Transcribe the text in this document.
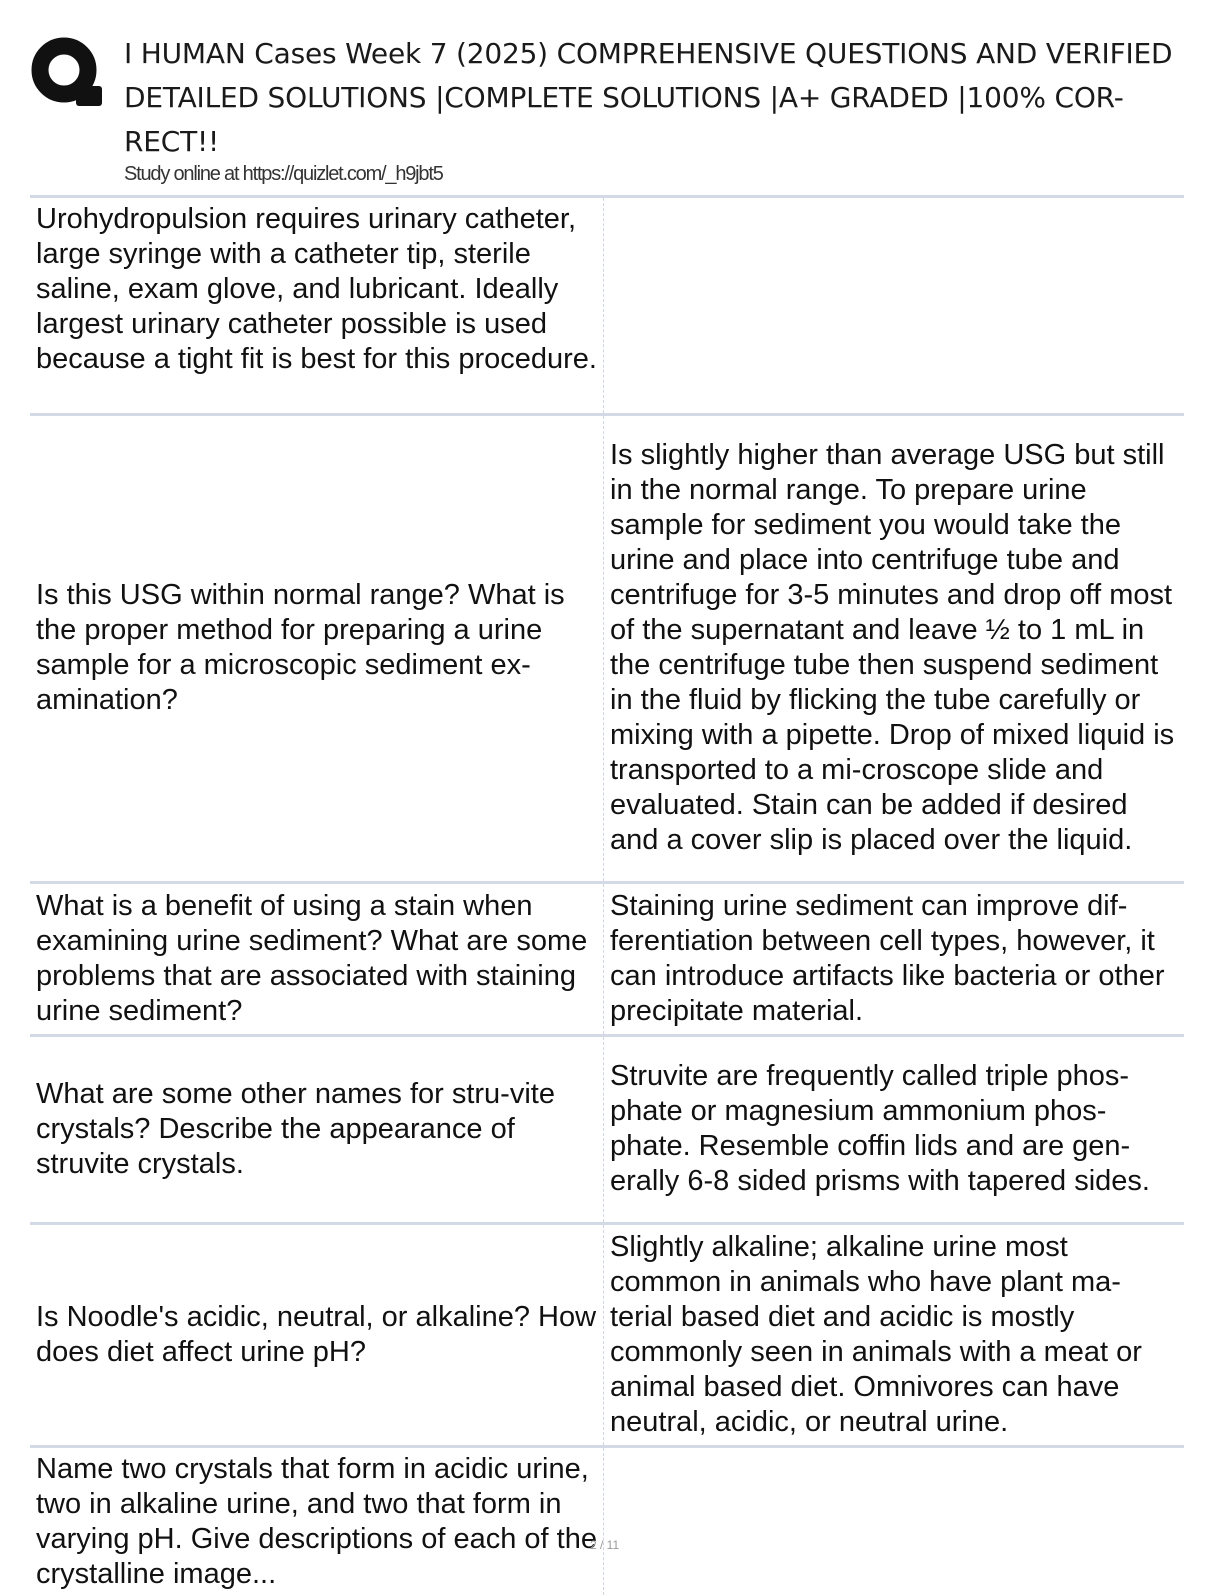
I HUMAN Cases Week 7 (2025) COMPREHENSIVE QUESTIONS AND VERIFIED
DETAILED SOLUTIONS |COMPLETE SOLUTIONS |A+ GRADED |100% COR-
RECT!!
Study online at https://quizlet.com/_h9jbt5
Urohydropulsion requires urinary catheter, large syringe with a catheter tip, sterile saline, exam glove, and lubricant. Ideally largest urinary catheter possible is used because a tight fit is best for this procedure.
Is this USG within normal range? What is the proper method for preparing a urine sample for a microscopic sediment ex-amination?
Is slightly higher than average USG but still in the normal range. To prepare urine sample for sediment you would take the urine and place into centrifuge tube and centrifuge for 3-5 minutes and drop off most of the supernatant and leave ½ to 1 mL in the centrifuge tube then suspend sediment in the fluid by flicking the tube carefully or mixing with a pipette. Drop of mixed liquid is transported to a mi-croscope slide and evaluated. Stain can be added if desired and a cover slip is placed over the liquid.
What is a benefit of using a stain when examining urine sediment? What are some problems that are associated with staining urine sediment?
Staining urine sediment can improve dif-ferentiation between cell types, however, it can introduce artifacts like bacteria or other precipitate material.
What are some other names for stru-vite crystals? Describe the appearance of struvite crystals.
Struvite are frequently called triple phos-phate or magnesium ammonium phos-phate. Resemble coffin lids and are gen-erally 6-8 sided prisms with tapered sides.
Is Noodle's acidic, neutral, or alkaline? How does diet affect urine pH?
Slightly alkaline; alkaline urine most common in animals who have plant ma-terial based diet and acidic is mostly commonly seen in animals with a meat or animal based diet. Omnivores can have neutral, acidic, or neutral urine.
Name two crystals that form in acidic urine, two in alkaline urine, and two that form in varying pH. Give descriptions of each of the crystalline image...
2 / 11
